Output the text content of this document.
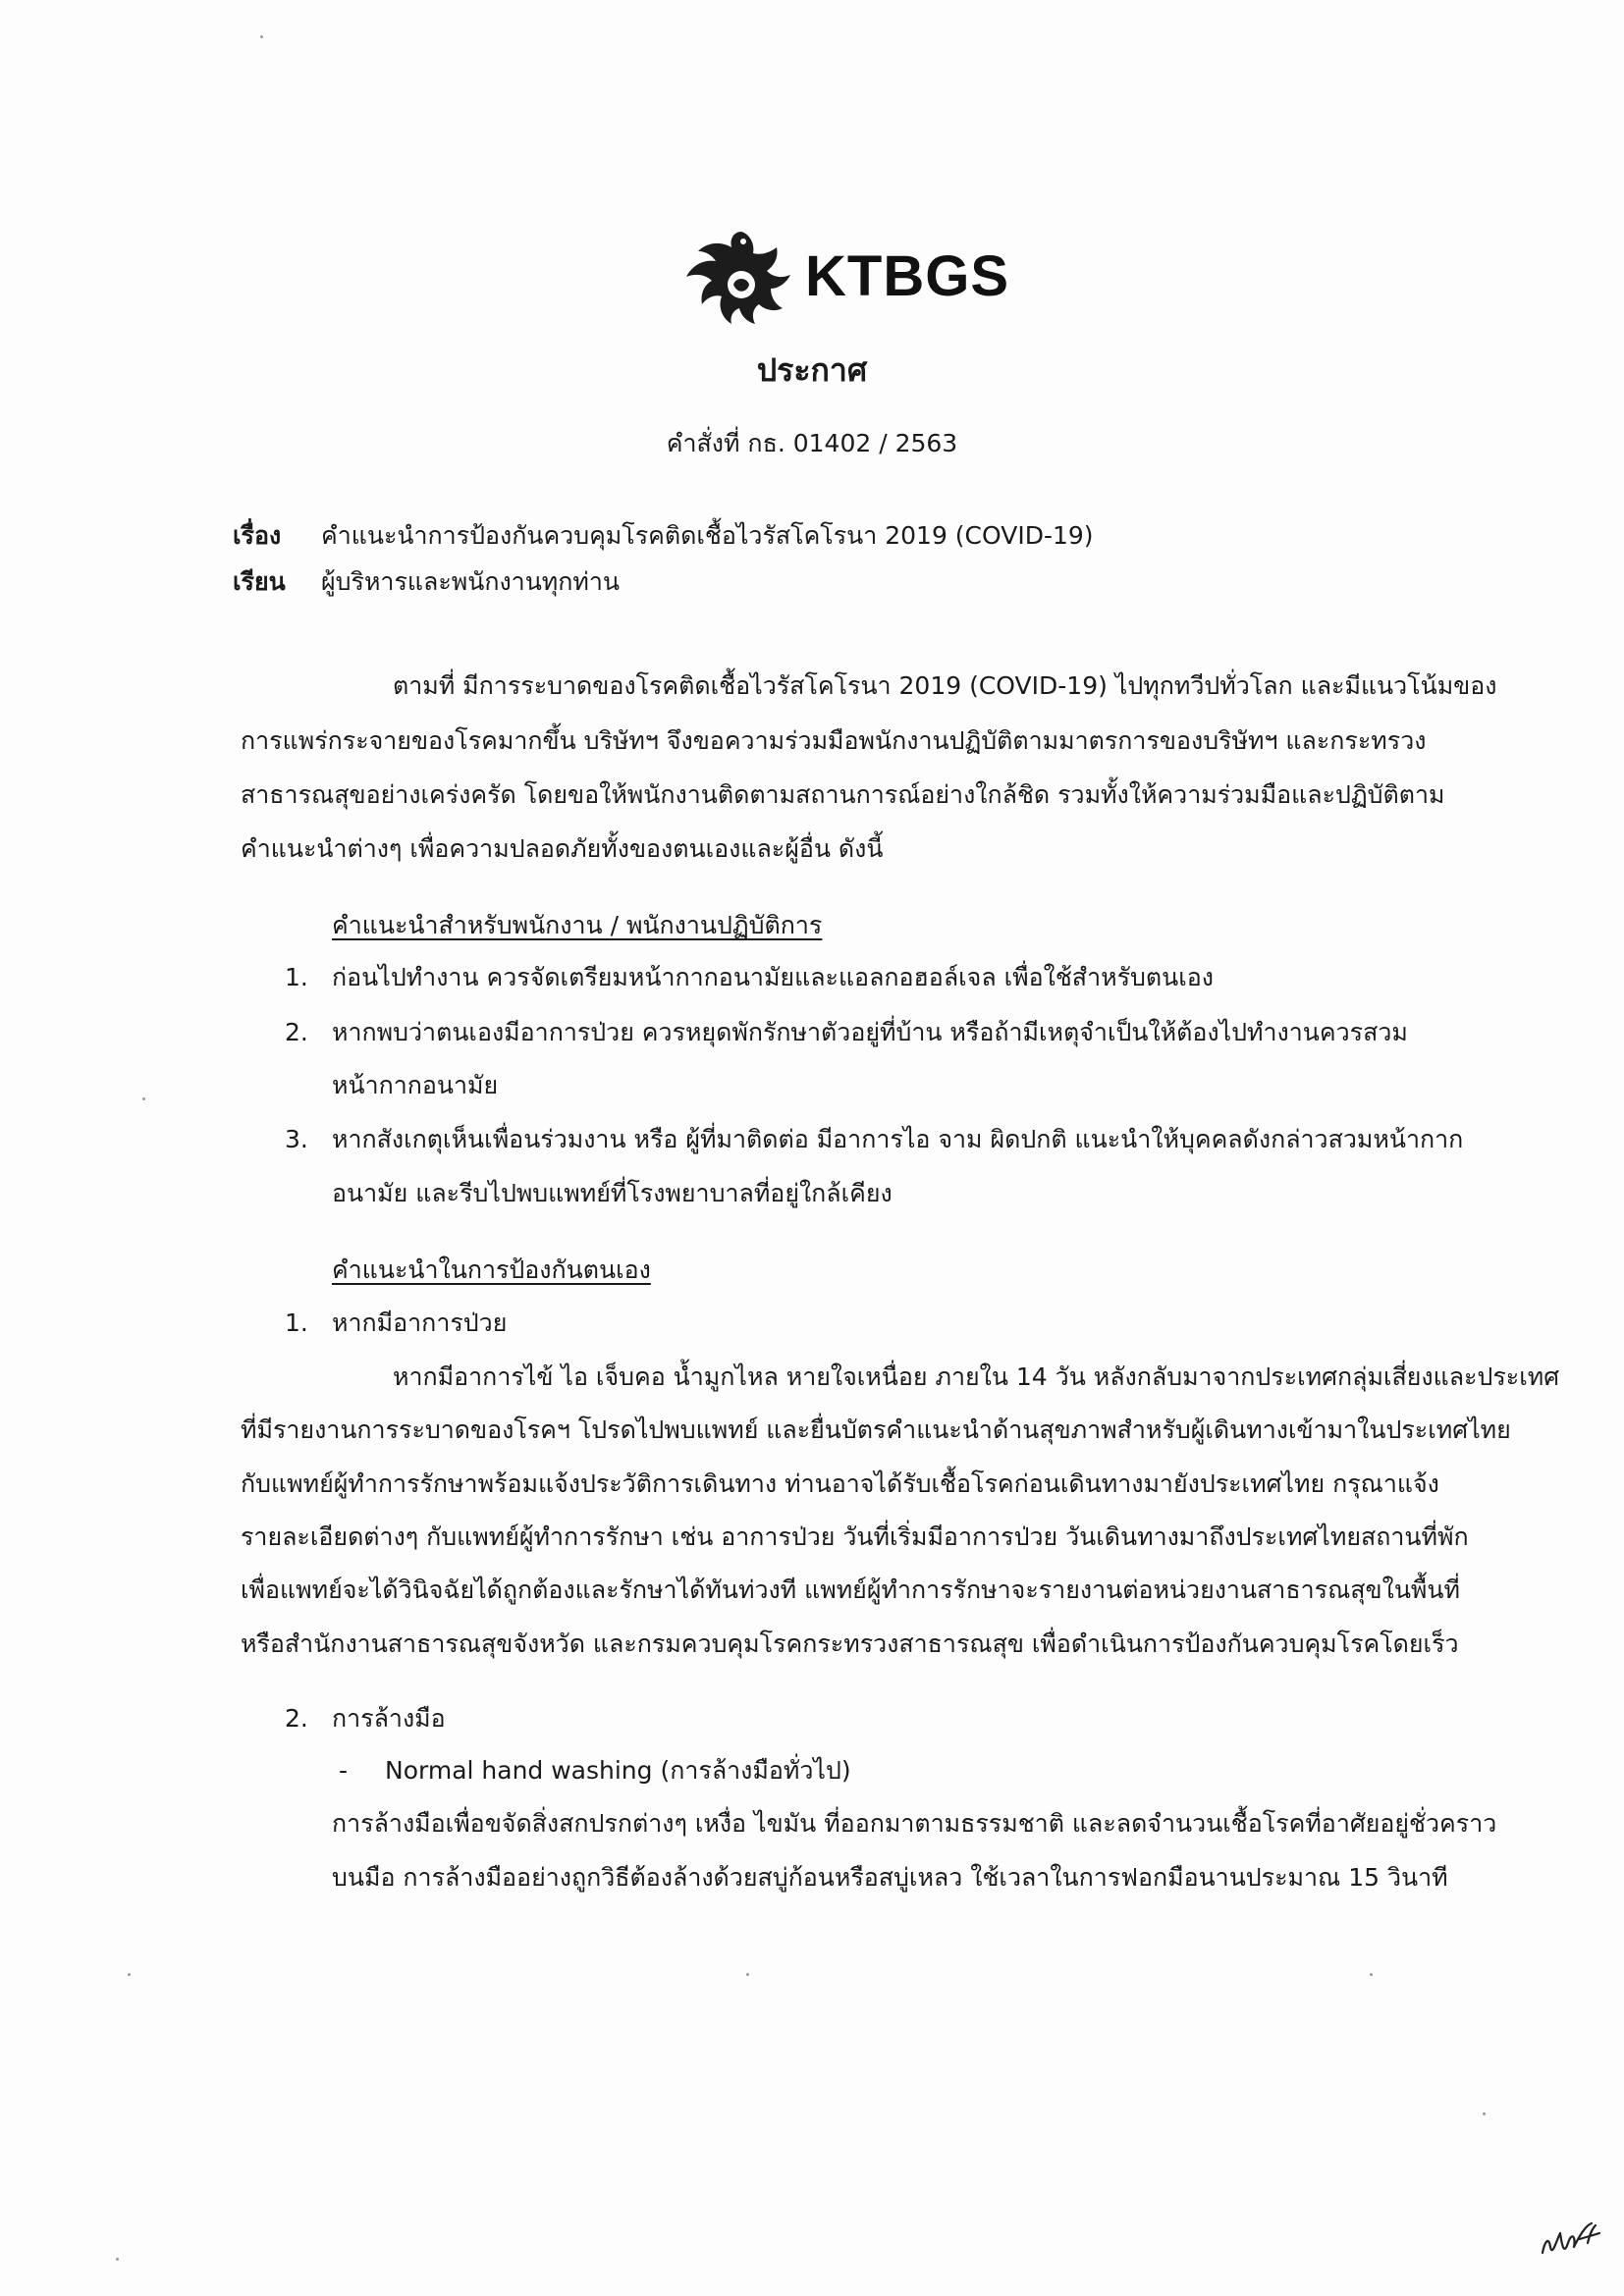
KTBGS
ประกาศ
คำสั่งที่ กธ. 01402 / 2563
เรื่อง คำแนะนำการป้องกันควบคุมโรคติดเชื้อไวรัสโคโรนา 2019 (COVID-19)
เรียน ผู้บริหารและพนักงานทุกท่าน
ตามที่ มีการระบาดของโรคติดเชื้อไวรัสโคโรนา 2019 (COVID-19) ไปทุกทวีปทั่วโลก และมีแนวโน้มของ
การแพร่กระจายของโรคมากขึ้น บริษัทฯ จึงขอความร่วมมือพนักงานปฏิบัติตามมาตรการของบริษัทฯ และกระทรวง
สาธารณสุขอย่างเคร่งครัด โดยขอให้พนักงานติดตามสถานการณ์อย่างใกล้ชิด รวมทั้งให้ความร่วมมือและปฏิบัติตาม
คำแนะนำต่างๆ เพื่อความปลอดภัยทั้งของตนเองและผู้อื่น ดังนี้
คำแนะนำสำหรับพนักงาน / พนักงานปฏิบัติการ
1. ก่อนไปทำงาน ควรจัดเตรียมหน้ากากอนามัยและแอลกอฮอล์เจล เพื่อใช้สำหรับตนเอง
2. หากพบว่าตนเองมีอาการป่วย ควรหยุดพักรักษาตัวอยู่ที่บ้าน หรือถ้ามีเหตุจำเป็นให้ต้องไปทำงานควรสวม
หน้ากากอนามัย
3. หากสังเกตุเห็นเพื่อนร่วมงาน หรือ ผู้ที่มาติดต่อ มีอาการไอ จาม ผิดปกติ แนะนำให้บุคคลดังกล่าวสวมหน้ากาก
อนามัย และรีบไปพบแพทย์ที่โรงพยาบาลที่อยู่ใกล้เคียง
คำแนะนำในการป้องกันตนเอง
1. หากมีอาการป่วย
หากมีอาการไข้ ไอ เจ็บคอ น้ำมูกไหล หายใจเหนื่อย ภายใน 14 วัน หลังกลับมาจากประเทศกลุ่มเสี่ยงและประเทศ
ที่มีรายงานการระบาดของโรคฯ โปรดไปพบแพทย์ และยื่นบัตรคำแนะนำด้านสุขภาพสำหรับผู้เดินทางเข้ามาในประเทศไทย
กับแพทย์ผู้ทำการรักษาพร้อมแจ้งประวัติการเดินทาง ท่านอาจได้รับเชื้อโรคก่อนเดินทางมายังประเทศไทย กรุณาแจ้ง
รายละเอียดต่างๆ กับแพทย์ผู้ทำการรักษา เช่น อาการป่วย วันที่เริ่มมีอาการป่วย วันเดินทางมาถึงประเทศไทยสถานที่พัก
เพื่อแพทย์จะได้วินิจฉัยได้ถูกต้องและรักษาได้ทันท่วงที แพทย์ผู้ทำการรักษาจะรายงานต่อหน่วยงานสาธารณสุขในพื้นที่
หรือสำนักงานสาธารณสุขจังหวัด และกรมควบคุมโรคกระทรวงสาธารณสุข เพื่อดำเนินการป้องกันควบคุมโรคโดยเร็ว
2. การล้างมือ
- Normal hand washing (การล้างมือทั่วไป)
การล้างมือเพื่อขจัดสิ่งสกปรกต่างๆ เหงื่อ ไขมัน ที่ออกมาตามธรรมชาติ และลดจำนวนเชื้อโรคที่อาศัยอยู่ชั่วคราว
บนมือ การล้างมืออย่างถูกวิธีต้องล้างด้วยสบู่ก้อนหรือสบู่เหลว ใช้เวลาในการฟอกมือนานประมาณ 15 วินาที
